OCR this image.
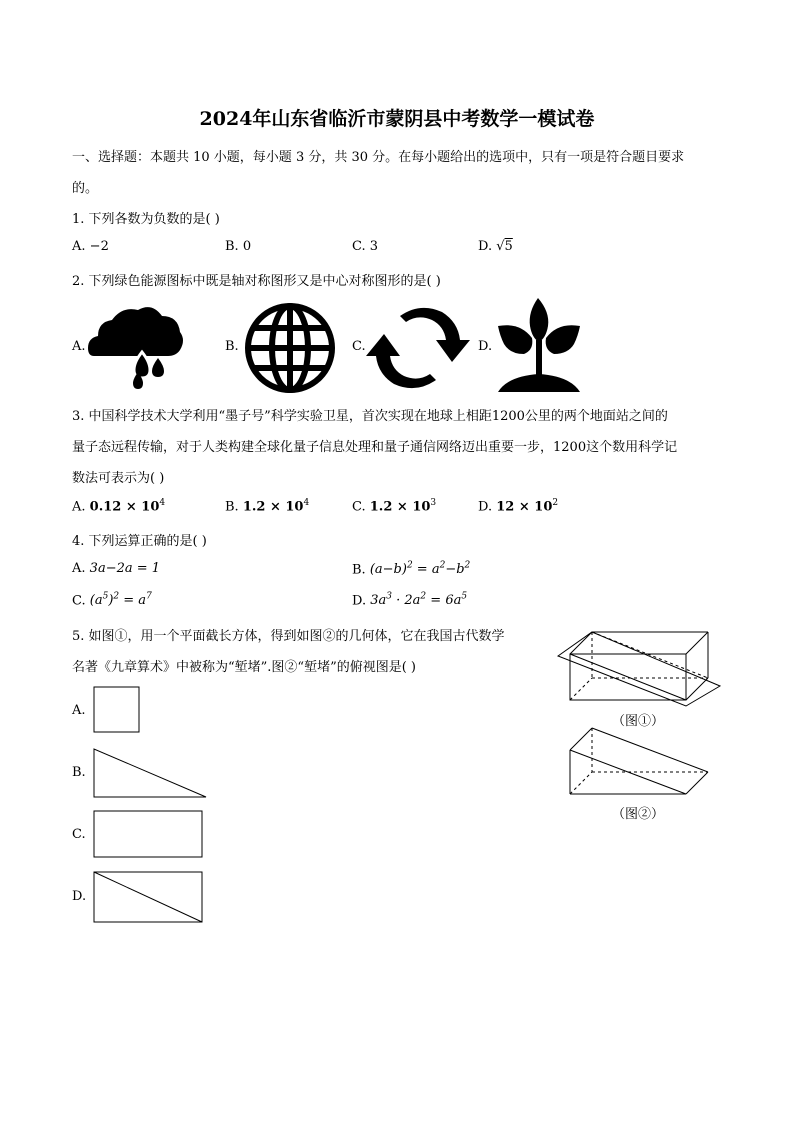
2024年山东省临沂市蒙阴县中考数学一模试卷
一、选择题：本题共 10 小题，每小题 3 分，共 30 分。在每小题给出的选项中，只有一项是符合题目要求
的。
1. 下列各数为负数的是( )
A. −2	B. 0	C. 3	D. √5
2. 下列绿色能源图标中既是轴对称图形又是中心对称图形的是( )
A.	B.	C.	D.
3. 中国科学技术大学利用“墨子号”科学实验卫星，首次实现在地球上相距1200公里的两个地面站之间的
量子态远程传输，对于人类构建全球化量子信息处理和量子通信网络迈出重要一步，1200这个数用科学记
数法可表示为( )
A. $0.12 \times 10^4$	B. $1.2 \times 10^4$	C. $1.2 \times 10^3$	D. $12 \times 10^2$
4. 下列运算正确的是( )
A. 3a−2a = 1	B. $(a-b)^2 = a^2-b^2$
C. $(a^5)^2 = a^7$	D. $3a^3 \cdot 2a^2 = 6a^5$
5. 如图①，用一个平面截长方体，得到如图②的几何体，它在我国古代数学
名著《九章算术》中被称为“堑堵”.图②“堑堵”的俯视图是( )
（图①）
（图②）
A.
B.
C.
D.
